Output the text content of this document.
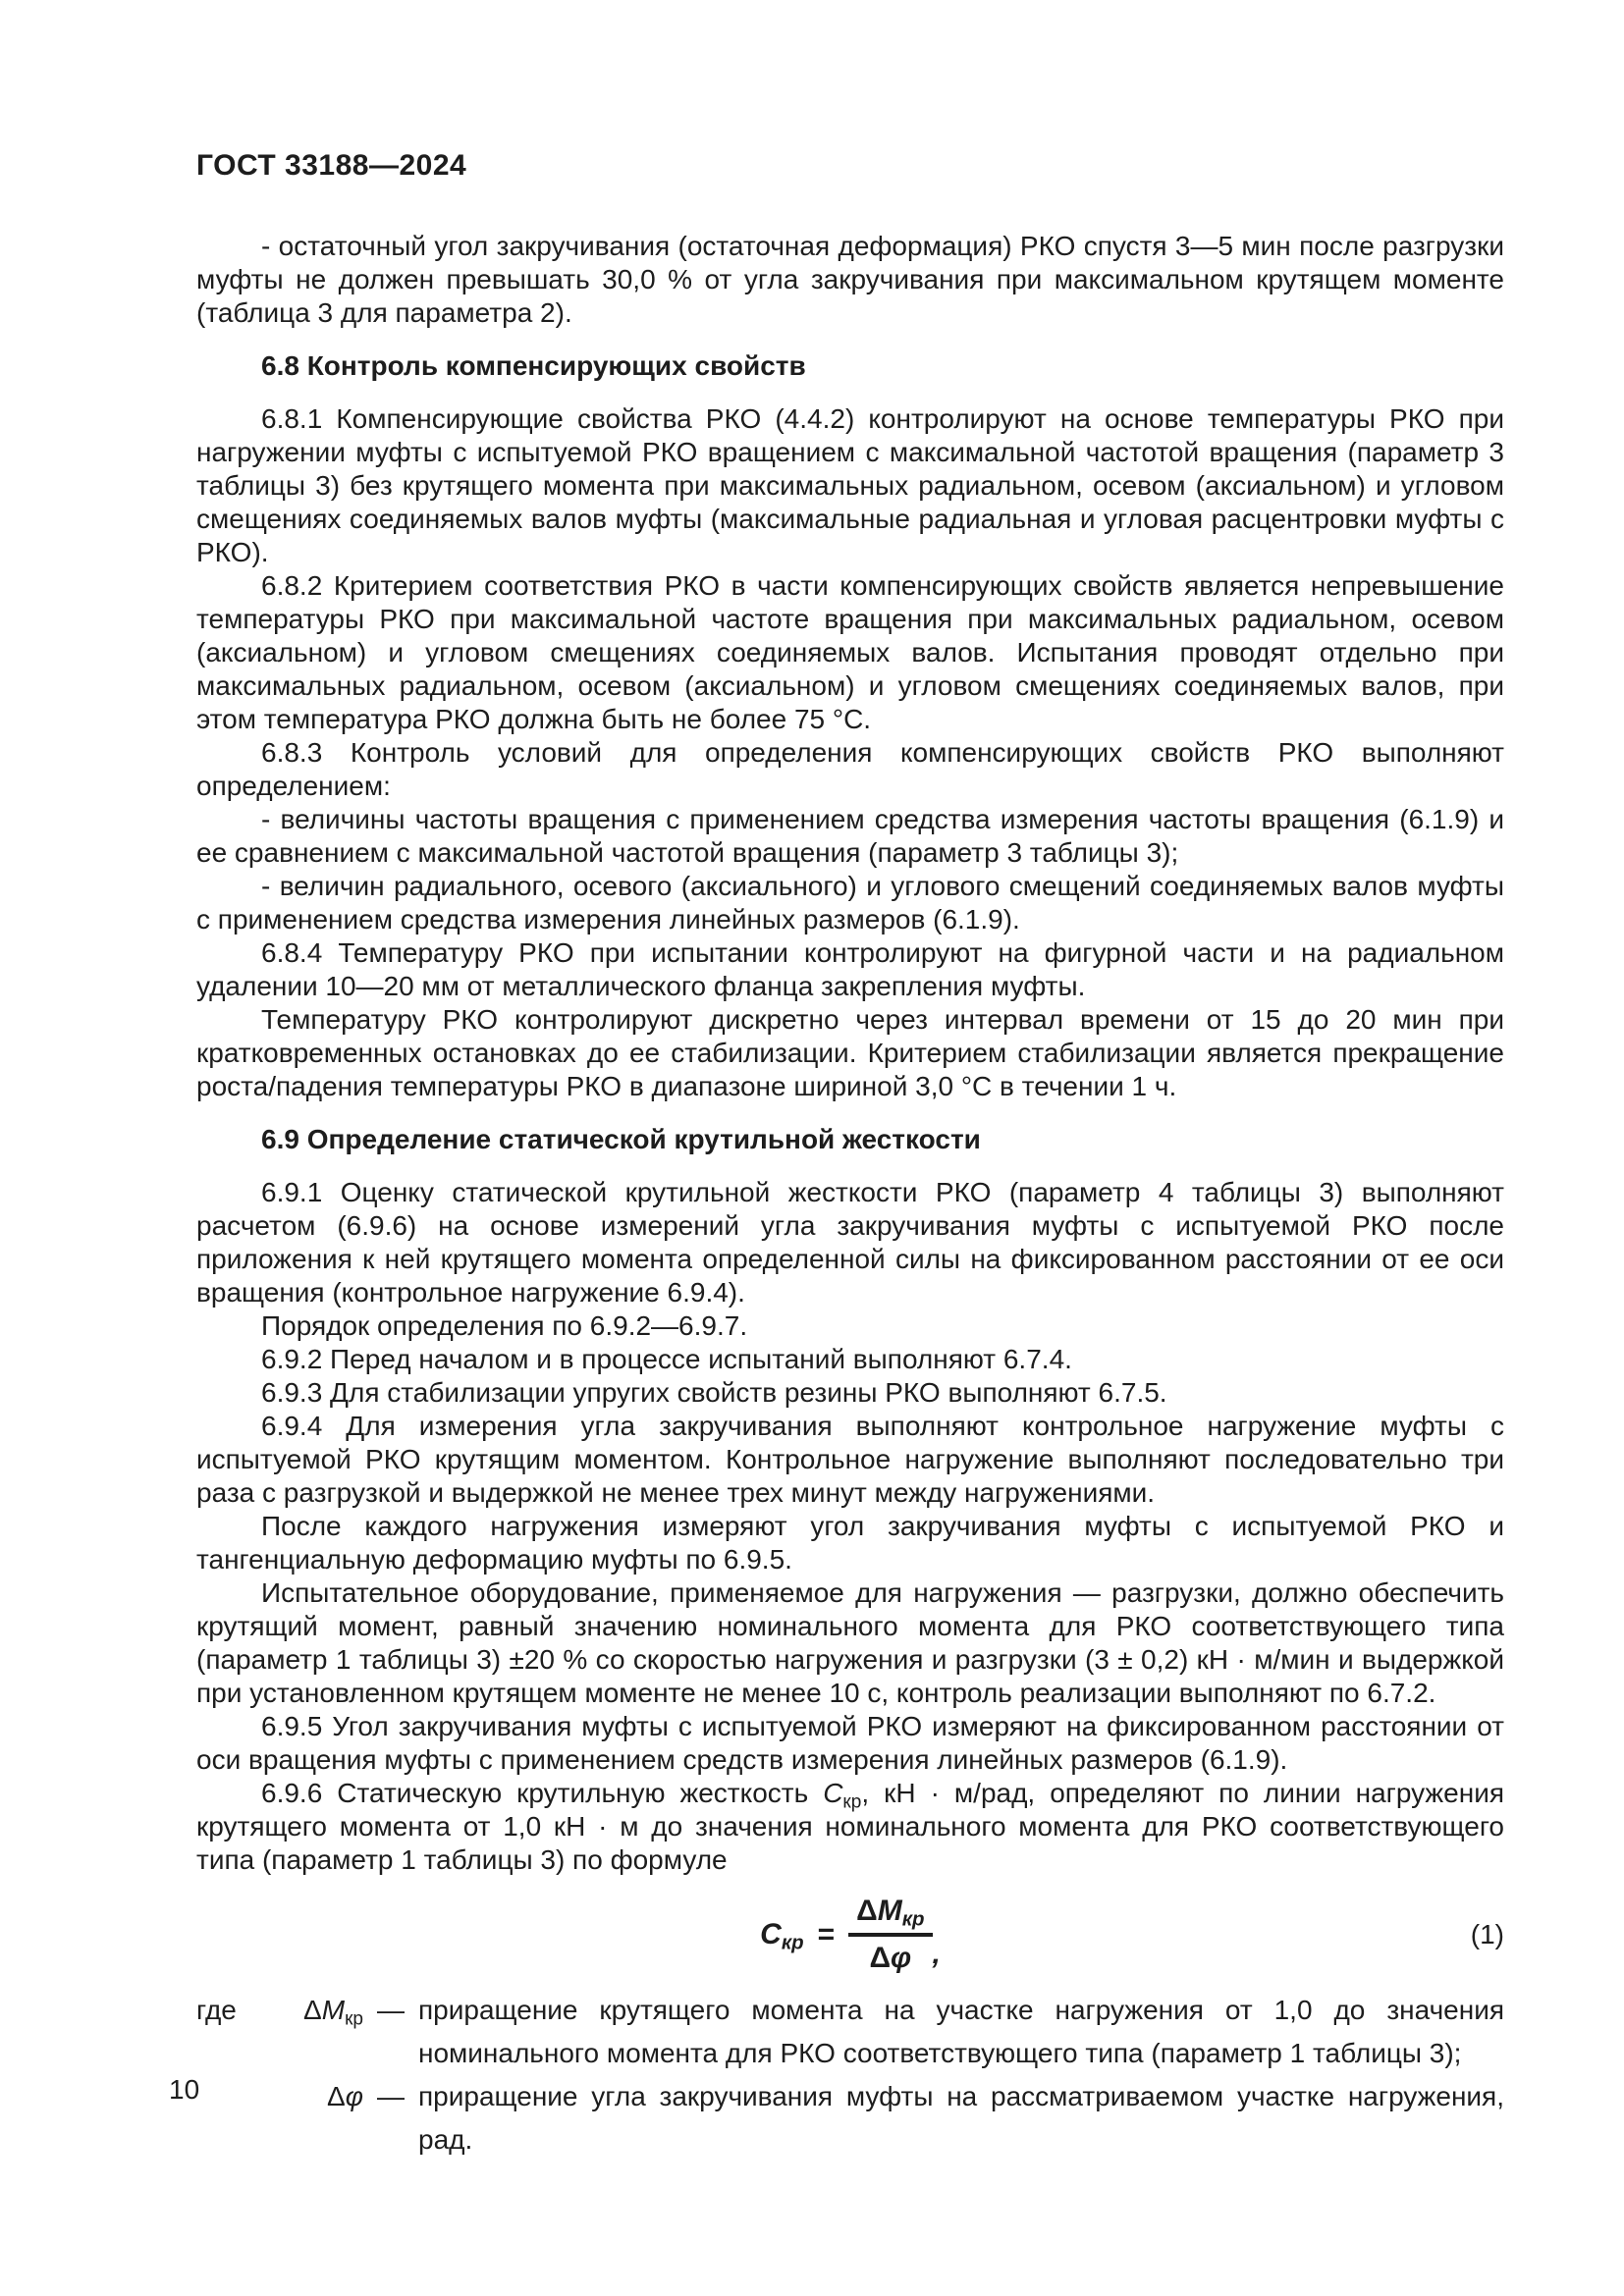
ГОСТ 33188—2024

- остаточный угол закручивания (остаточная деформация) РКО спустя 3—5 мин после разгрузки муфты не должен превышать 30,0 % от угла закручивания при максимальном крутящем моменте (таблица 3 для параметра 2).

6.8 Контроль компенсирующих свойств

6.8.1 Компенсирующие свойства РКО (4.4.2) контролируют на основе температуры РКО при нагружении муфты с испытуемой РКО вращением с максимальной частотой вращения (параметр 3 таблицы 3) без крутящего момента при максимальных радиальном, осевом (аксиальном) и угловом смещениях соединяемых валов муфты (максимальные радиальная и угловая расцентровки муфты с РКО).

6.8.2 Критерием соответствия РКО в части компенсирующих свойств является непревышение температуры РКО при максимальной частоте вращения при максимальных радиальном, осевом (аксиальном) и угловом смещениях соединяемых валов. Испытания проводят отдельно при максимальных радиальном, осевом (аксиальном) и угловом смещениях соединяемых валов, при этом температура РКО должна быть не более 75 °С.

6.8.3 Контроль условий для определения компенсирующих свойств РКО выполняют определением:

- величины частоты вращения с применением средства измерения частоты вращения (6.1.9) и ее сравнением с максимальной частотой вращения (параметр 3 таблицы 3);

- величин радиального, осевого (аксиального) и углового смещений соединяемых валов муфты с применением средства измерения линейных размеров (6.1.9).

6.8.4 Температуру РКО при испытании контролируют на фигурной части и на радиальном удалении 10—20 мм от металлического фланца закрепления муфты.

Температуру РКО контролируют дискретно через интервал времени от 15 до 20 мин при кратковременных остановках до ее стабилизации. Критерием стабилизации является прекращение роста/падения температуры РКО в диапазоне шириной 3,0 °С в течении 1 ч.

6.9 Определение статической крутильной жесткости

6.9.1 Оценку статической крутильной жесткости РКО (параметр 4 таблицы 3) выполняют расчетом (6.9.6) на основе измерений угла закручивания муфты с испытуемой РКО после приложения к ней крутящего момента определенной силы на фиксированном расстоянии от ее оси вращения (контрольное нагружение 6.9.4).

Порядок определения по 6.9.2—6.9.7.

6.9.2 Перед началом и в процессе испытаний выполняют 6.7.4.

6.9.3 Для стабилизации упругих свойств резины РКО выполняют 6.7.5.

6.9.4 Для измерения угла закручивания выполняют контрольное нагружение муфты с испытуемой РКО крутящим моментом. Контрольное нагружение выполняют последовательно три раза с разгрузкой и выдержкой не менее трех минут между нагружениями.

После каждого нагружения измеряют угол закручивания муфты с испытуемой РКО и тангенциальную деформацию муфты по 6.9.5.

Испытательное оборудование, применяемое для нагружения — разгрузки, должно обеспечить крутящий момент, равный значению номинального момента для РКО соответствующего типа (параметр 1 таблицы 3) ±20 % со скоростью нагружения и разгрузки (3 ± 0,2) кН · м/мин и выдержкой при установленном крутящем моменте не менее 10 с, контроль реализации выполняют по 6.7.2.

6.9.5 Угол закручивания муфты с испытуемой РКО измеряют на фиксированном расстоянии от оси вращения муфты с применением средств измерения линейных размеров (6.1.9).

6.9.6 Статическую крутильную жесткость $С_{кр}$, кН · м/рад, определяют по линии нагружения крутящего момента от 1,0 кН · м до значения номинального момента для РКО соответствующего типа (параметр 1 таблицы 3) по формуле

$С_{кр} = \frac{\Delta М_{кр}}{\Delta\varphi}$ ,
(1)
где $\Delta М_{кр}$ — приращение крутящего момента на участке нагружения от 1,0 до значения номинального момента для РКО соответствующего типа (параметр 1 таблицы 3);
Δφ — приращение угла закручивания муфты на рассматриваемом участке нагружения, рад.
10
